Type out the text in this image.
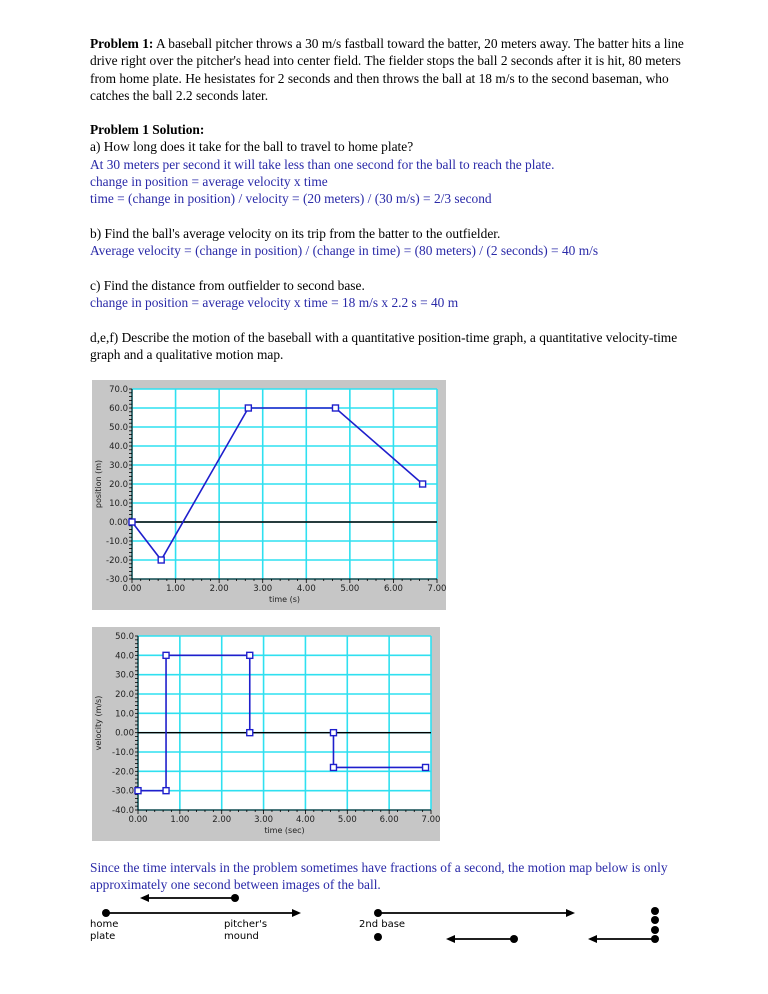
Problem 1: A baseball pitcher throws a 30 m/s fastball toward the batter, 20 meters away. The batter hits a line drive right over the pitcher's head into center field. The fielder stops the ball 2 seconds after it is hit, 80 meters from home plate. He hesistates for 2 seconds and then throws the ball at 18 m/s to the second baseman, who catches the ball 2.2 seconds later.

Problem 1 Solution:

a) How long does it take for the ball to travel to home plate?

At 30 meters per second it will take less than one second for the ball to reach the plate.

change in position = average velocity x time

time = (change in position) / velocity = (20 meters) / (30 m/s) = 2/3 second

b) Find the ball's average velocity on its trip from the batter to the outfielder.

Average velocity = (change in position) / (change in time) = (80 meters) / (2 seconds) = 40 m/s

c) Find the distance from outfielder to second base.

change in position = average velocity x time = 18 m/s x 2.2 s = 40 m

d,e,f) Describe the motion of the baseball with a quantitative position-time graph, a quantitative velocity-time graph and a qualitative motion map.

0.00	1.00	2.00	3.00	4.00	5.00	6.00	7.00
70.0
60.0
50.0
40.0
30.0
20.0
10.0
0.00
-10.0
-20.0
-30.0
time (s)
position (m)
0.00	1.00	2.00	3.00	4.00	5.00	6.00	7.00
50.0
40.0
30.0
20.0
10.0
0.00
-10.0
-20.0
-30.0
-40.0
time (sec)
velocity (m/s)

Since the time intervals in the problem sometimes have fractions of a second, the motion map below is only approximately one second between images of the ball.

home
plate
pitcher's
mound
2nd base
